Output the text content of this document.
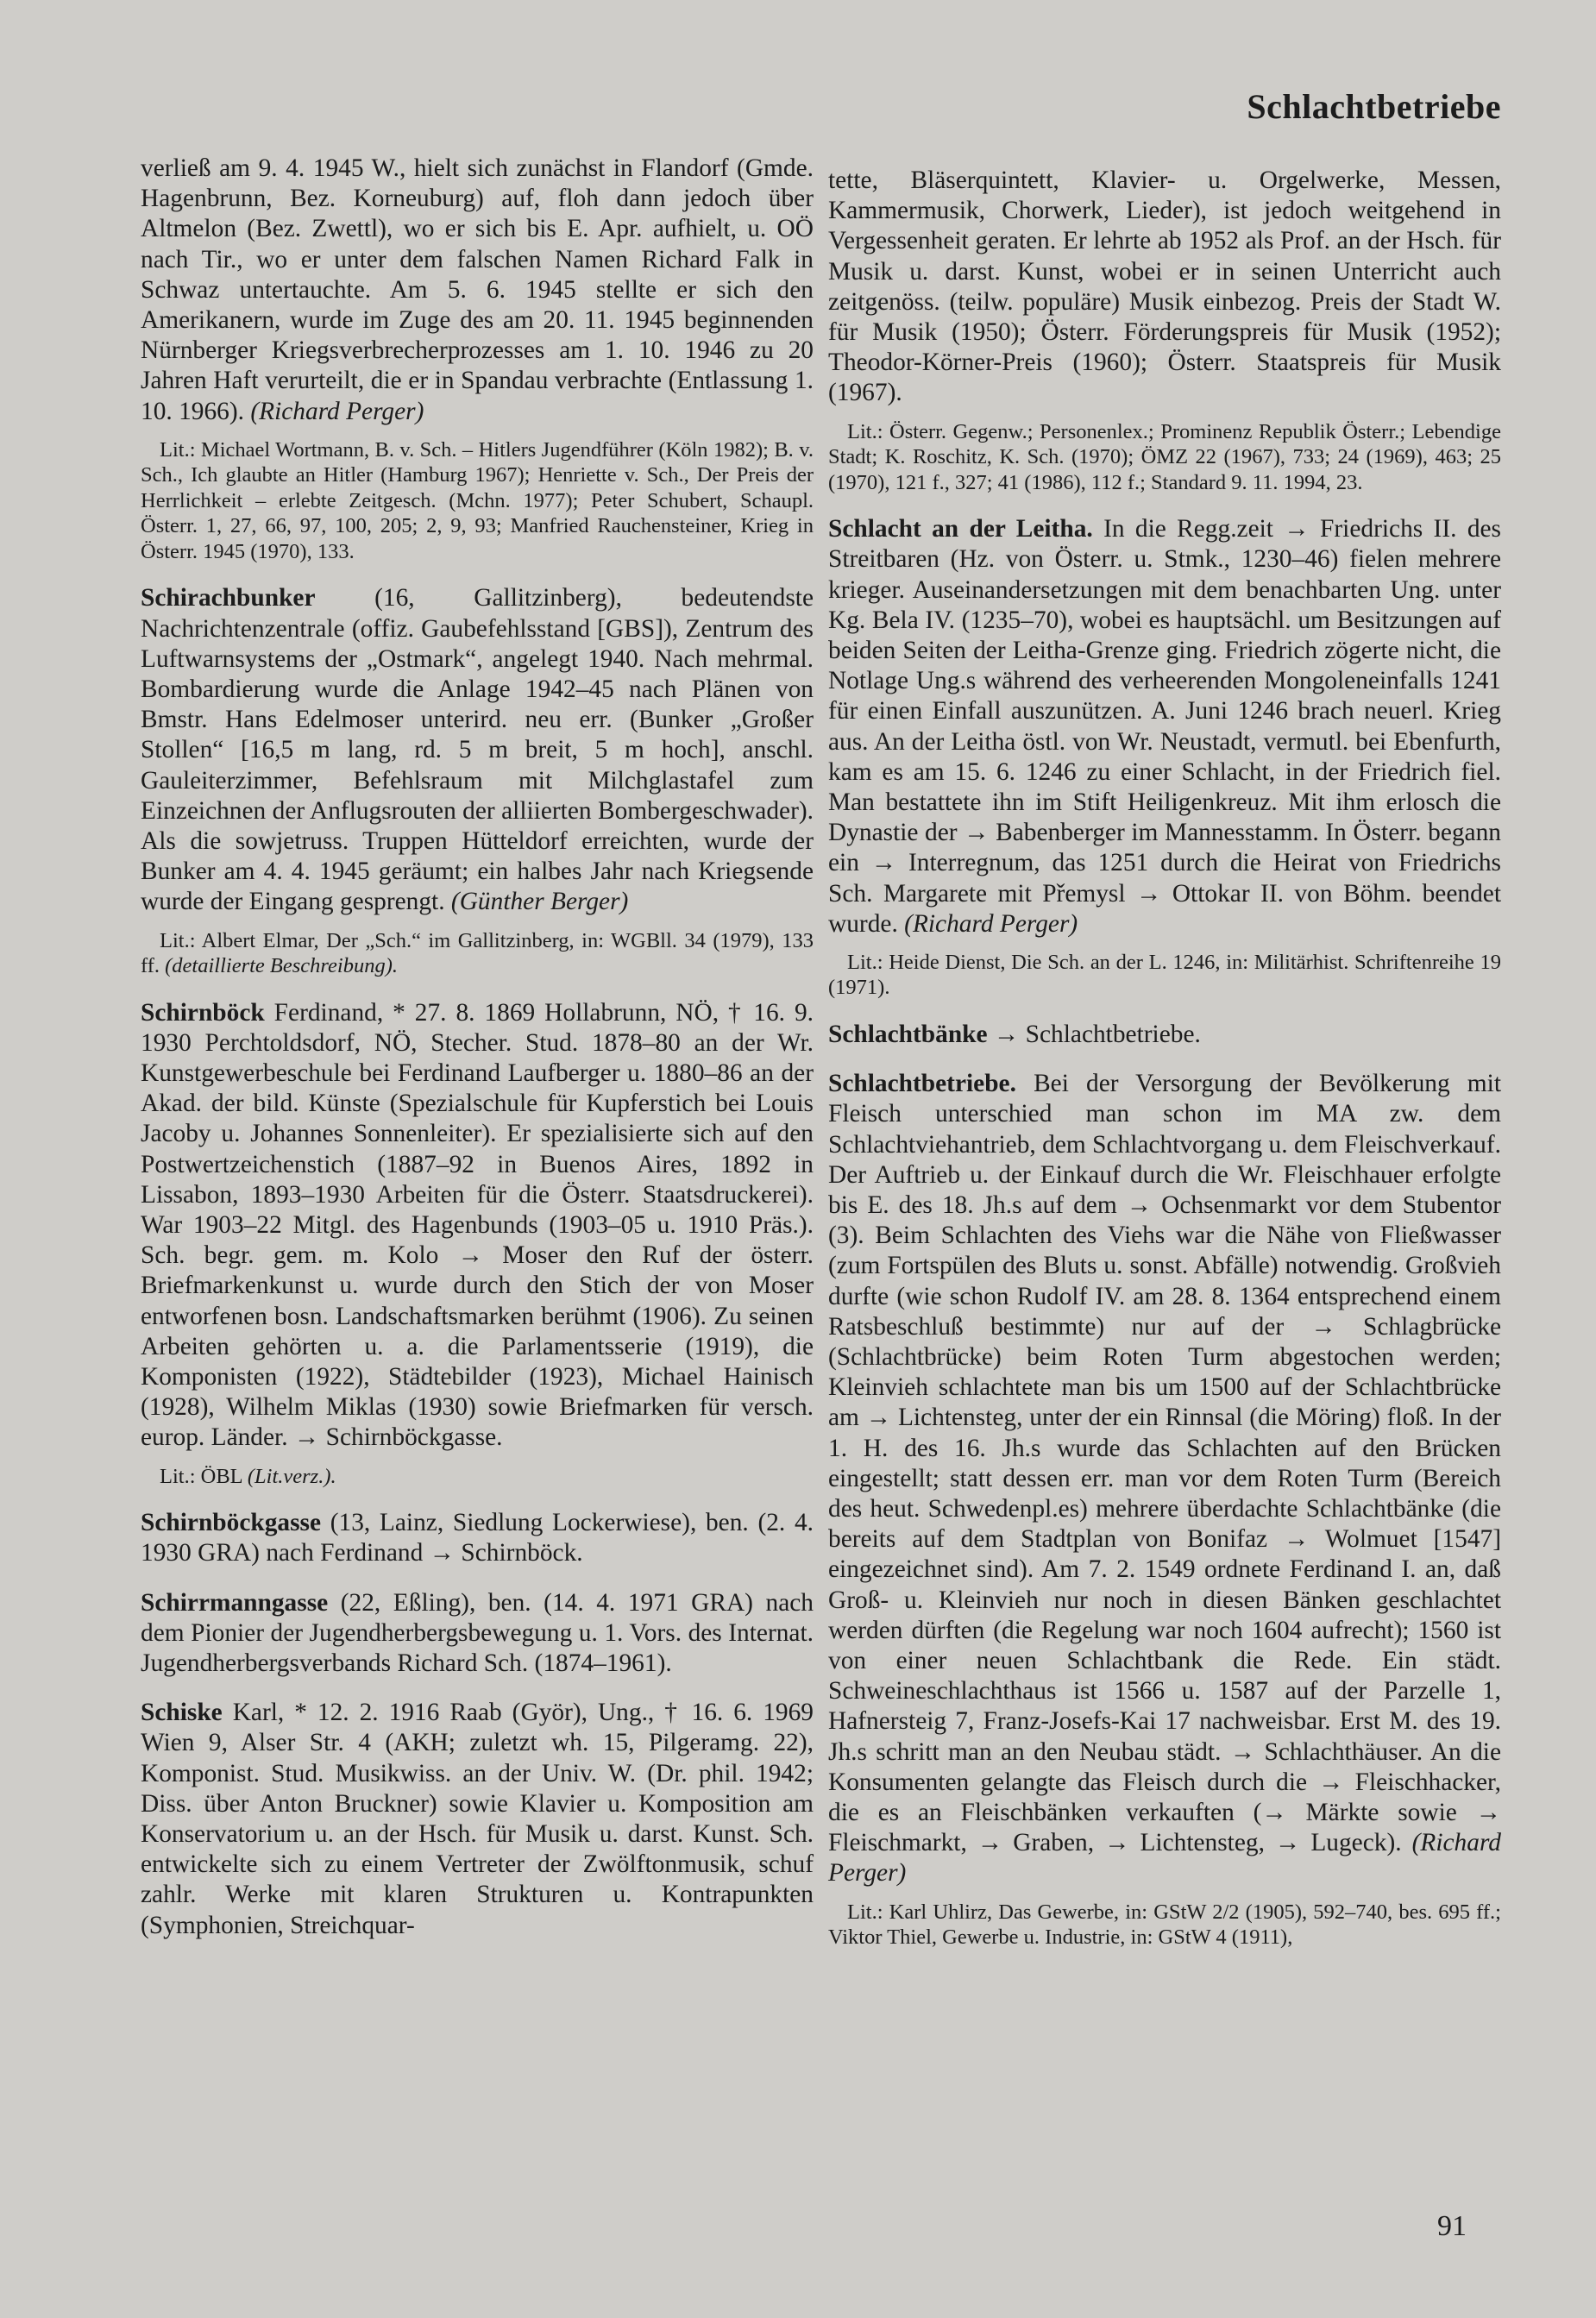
Schlachtbetriebe

verließ am 9. 4. 1945 W., hielt sich zunächst in Flandorf (Gmde. Hagenbrunn, Bez. Korneuburg) auf, floh dann jedoch über Altmelon (Bez. Zwettl), wo er sich bis E. Apr. aufhielt, u. OÖ nach Tir., wo er unter dem falschen Namen Richard Falk in Schwaz untertauchte. Am 5. 6. 1945 stellte er sich den Amerikanern, wurde im Zuge des am 20. 11. 1945 beginnenden Nürnberger Kriegsverbrecherprozesses am 1. 10. 1946 zu 20 Jahren Haft verurteilt, die er in Spandau verbrachte (Entlassung 1. 10. 1966). (Richard Perger)

Lit.: Michael Wortmann, B. v. Sch. – Hitlers Jugendführer (Köln 1982); B. v. Sch., Ich glaubte an Hitler (Hamburg 1967); Henriette v. Sch., Der Preis der Herrlichkeit – erlebte Zeitgesch. (Mchn. 1977); Peter Schubert, Schaupl. Österr. 1, 27, 66, 97, 100, 205; 2, 9, 93; Manfried Rauchensteiner, Krieg in Österr. 1945 (1970), 133.

Schirachbunker (16, Gallitzinberg), bedeutendste Nachrichtenzentrale (offiz. Gaubefehlsstand [GBS]), Zentrum des Luftwarnsystems der „Ostmark“, angelegt 1940. Nach mehrmal. Bombardierung wurde die Anlage 1942–45 nach Plänen von Bmstr. Hans Edelmoser unterird. neu err. (Bunker „Großer Stollen“ [16,5 m lang, rd. 5 m breit, 5 m hoch], anschl. Gauleiterzimmer, Befehlsraum mit Milchglastafel zum Einzeichnen der Anflugsrouten der alliierten Bombergeschwader). Als die sowjetruss. Truppen Hütteldorf erreichten, wurde der Bunker am 4. 4. 1945 geräumt; ein halbes Jahr nach Kriegsende wurde der Eingang gesprengt. (Günther Berger)

Lit.: Albert Elmar, Der „Sch.“ im Gallitzinberg, in: WGBll. 34 (1979), 133 ff. (detaillierte Beschreibung).

Schirnböck Ferdinand, * 27. 8. 1869 Hollabrunn, NÖ, † 16. 9. 1930 Perchtoldsdorf, NÖ, Stecher. Stud. 1878–80 an der Wr. Kunstgewerbeschule bei Ferdinand Laufberger u. 1880–86 an der Akad. der bild. Künste (Spezialschule für Kupferstich bei Louis Jacoby u. Johannes Sonnenleiter). Er spezialisierte sich auf den Postwertzeichenstich (1887–92 in Buenos Aires, 1892 in Lissabon, 1893–1930 Arbeiten für die Österr. Staatsdruckerei). War 1903–22 Mitgl. des Hagenbunds (1903–05 u. 1910 Präs.). Sch. begr. gem. m. Kolo → Moser den Ruf der österr. Briefmarkenkunst u. wurde durch den Stich der von Moser entworfenen bosn. Landschaftsmarken berühmt (1906). Zu seinen Arbeiten gehörten u. a. die Parlamentsserie (1919), die Komponisten (1922), Städtebilder (1923), Michael Hainisch (1928), Wilhelm Miklas (1930) sowie Briefmarken für versch. europ. Länder. → Schirnböckgasse.

Lit.: ÖBL (Lit.verz.).

Schirnböckgasse (13, Lainz, Siedlung Lockerwiese), ben. (2. 4. 1930 GRA) nach Ferdinand → Schirnböck.

Schirrmanngasse (22, Eßling), ben. (14. 4. 1971 GRA) nach dem Pionier der Jugendherbergsbewegung u. 1. Vors. des Internat. Jugendherbergsverbands Richard Sch. (1874–1961).

Schiske Karl, * 12. 2. 1916 Raab (Györ), Ung., † 16. 6. 1969 Wien 9, Alser Str. 4 (AKH; zuletzt wh. 15, Pilgeramg. 22), Komponist. Stud. Musikwiss. an der Univ. W. (Dr. phil. 1942; Diss. über Anton Bruckner) sowie Klavier u. Komposition am Konservatorium u. an der Hsch. für Musik u. darst. Kunst. Sch. entwickelte sich zu einem Vertreter der Zwölftonmusik, schuf zahlr. Werke mit klaren Strukturen u. Kontrapunkten (Symphonien, Streichquar-

tette, Bläserquintett, Klavier- u. Orgelwerke, Messen, Kammermusik, Chorwerk, Lieder), ist jedoch weitgehend in Vergessenheit geraten. Er lehrte ab 1952 als Prof. an der Hsch. für Musik u. darst. Kunst, wobei er in seinen Unterricht auch zeitgenöss. (teilw. populäre) Musik einbezog. Preis der Stadt W. für Musik (1950); Österr. Förderungspreis für Musik (1952); Theodor-Körner-Preis (1960); Österr. Staatspreis für Musik (1967).

Lit.: Österr. Gegenw.; Personenlex.; Prominenz Republik Österr.; Lebendige Stadt; K. Roschitz, K. Sch. (1970); ÖMZ 22 (1967), 733; 24 (1969), 463; 25 (1970), 121 f., 327; 41 (1986), 112 f.; Standard 9. 11. 1994, 23.

Schlacht an der Leitha. In die Regg.zeit → Friedrichs II. des Streitbaren (Hz. von Österr. u. Stmk., 1230–46) fielen mehrere krieger. Auseinandersetzungen mit dem benachbarten Ung. unter Kg. Bela IV. (1235–70), wobei es hauptsächl. um Besitzungen auf beiden Seiten der Leitha-Grenze ging. Friedrich zögerte nicht, die Notlage Ung.s während des verheerenden Mongoleneinfalls 1241 für einen Einfall auszunützen. A. Juni 1246 brach neuerl. Krieg aus. An der Leitha östl. von Wr. Neustadt, vermutl. bei Ebenfurth, kam es am 15. 6. 1246 zu einer Schlacht, in der Friedrich fiel. Man bestattete ihn im Stift Heiligenkreuz. Mit ihm erlosch die Dynastie der → Babenberger im Mannesstamm. In Österr. begann ein → Interregnum, das 1251 durch die Heirat von Friedrichs Sch. Margarete mit Přemysl → Ottokar II. von Böhm. beendet wurde. (Richard Perger)

Lit.: Heide Dienst, Die Sch. an der L. 1246, in: Militärhist. Schriftenreihe 19 (1971).

Schlachtbänke → Schlachtbetriebe.

Schlachtbetriebe. Bei der Versorgung der Bevölkerung mit Fleisch unterschied man schon im MA zw. dem Schlachtviehantrieb, dem Schlachtvorgang u. dem Fleischverkauf. Der Auftrieb u. der Einkauf durch die Wr. Fleischhauer erfolgte bis E. des 18. Jh.s auf dem → Ochsenmarkt vor dem Stubentor (3). Beim Schlachten des Viehs war die Nähe von Fließwasser (zum Fortspülen des Bluts u. sonst. Abfälle) notwendig. Großvieh durfte (wie schon Rudolf IV. am 28. 8. 1364 entsprechend einem Ratsbeschluß bestimmte) nur auf der → Schlagbrücke (Schlachtbrücke) beim Roten Turm abgestochen werden; Kleinvieh schlachtete man bis um 1500 auf der Schlachtbrücke am → Lichtensteg, unter der ein Rinnsal (die Möring) floß. In der 1. H. des 16. Jh.s wurde das Schlachten auf den Brücken eingestellt; statt dessen err. man vor dem Roten Turm (Bereich des heut. Schwedenpl.es) mehrere überdachte Schlachtbänke (die bereits auf dem Stadtplan von Bonifaz → Wolmuet [1547] eingezeichnet sind). Am 7. 2. 1549 ordnete Ferdinand I. an, daß Groß- u. Kleinvieh nur noch in diesen Bänken geschlachtet werden dürften (die Regelung war noch 1604 aufrecht); 1560 ist von einer neuen Schlachtbank die Rede. Ein städt. Schweineschlachthaus ist 1566 u. 1587 auf der Parzelle 1, Hafnersteig 7, Franz-Josefs-Kai 17 nachweisbar. Erst M. des 19. Jh.s schritt man an den Neubau städt. → Schlachthäuser. An die Konsumenten gelangte das Fleisch durch die → Fleischhacker, die es an Fleischbänken verkauften (→ Märkte sowie → Fleischmarkt, → Graben, → Lichtensteg, → Lugeck). (Richard Perger)

Lit.: Karl Uhlirz, Das Gewerbe, in: GStW 2/2 (1905), 592–740, bes. 695 ff.; Viktor Thiel, Gewerbe u. Industrie, in: GStW 4 (1911),

91
